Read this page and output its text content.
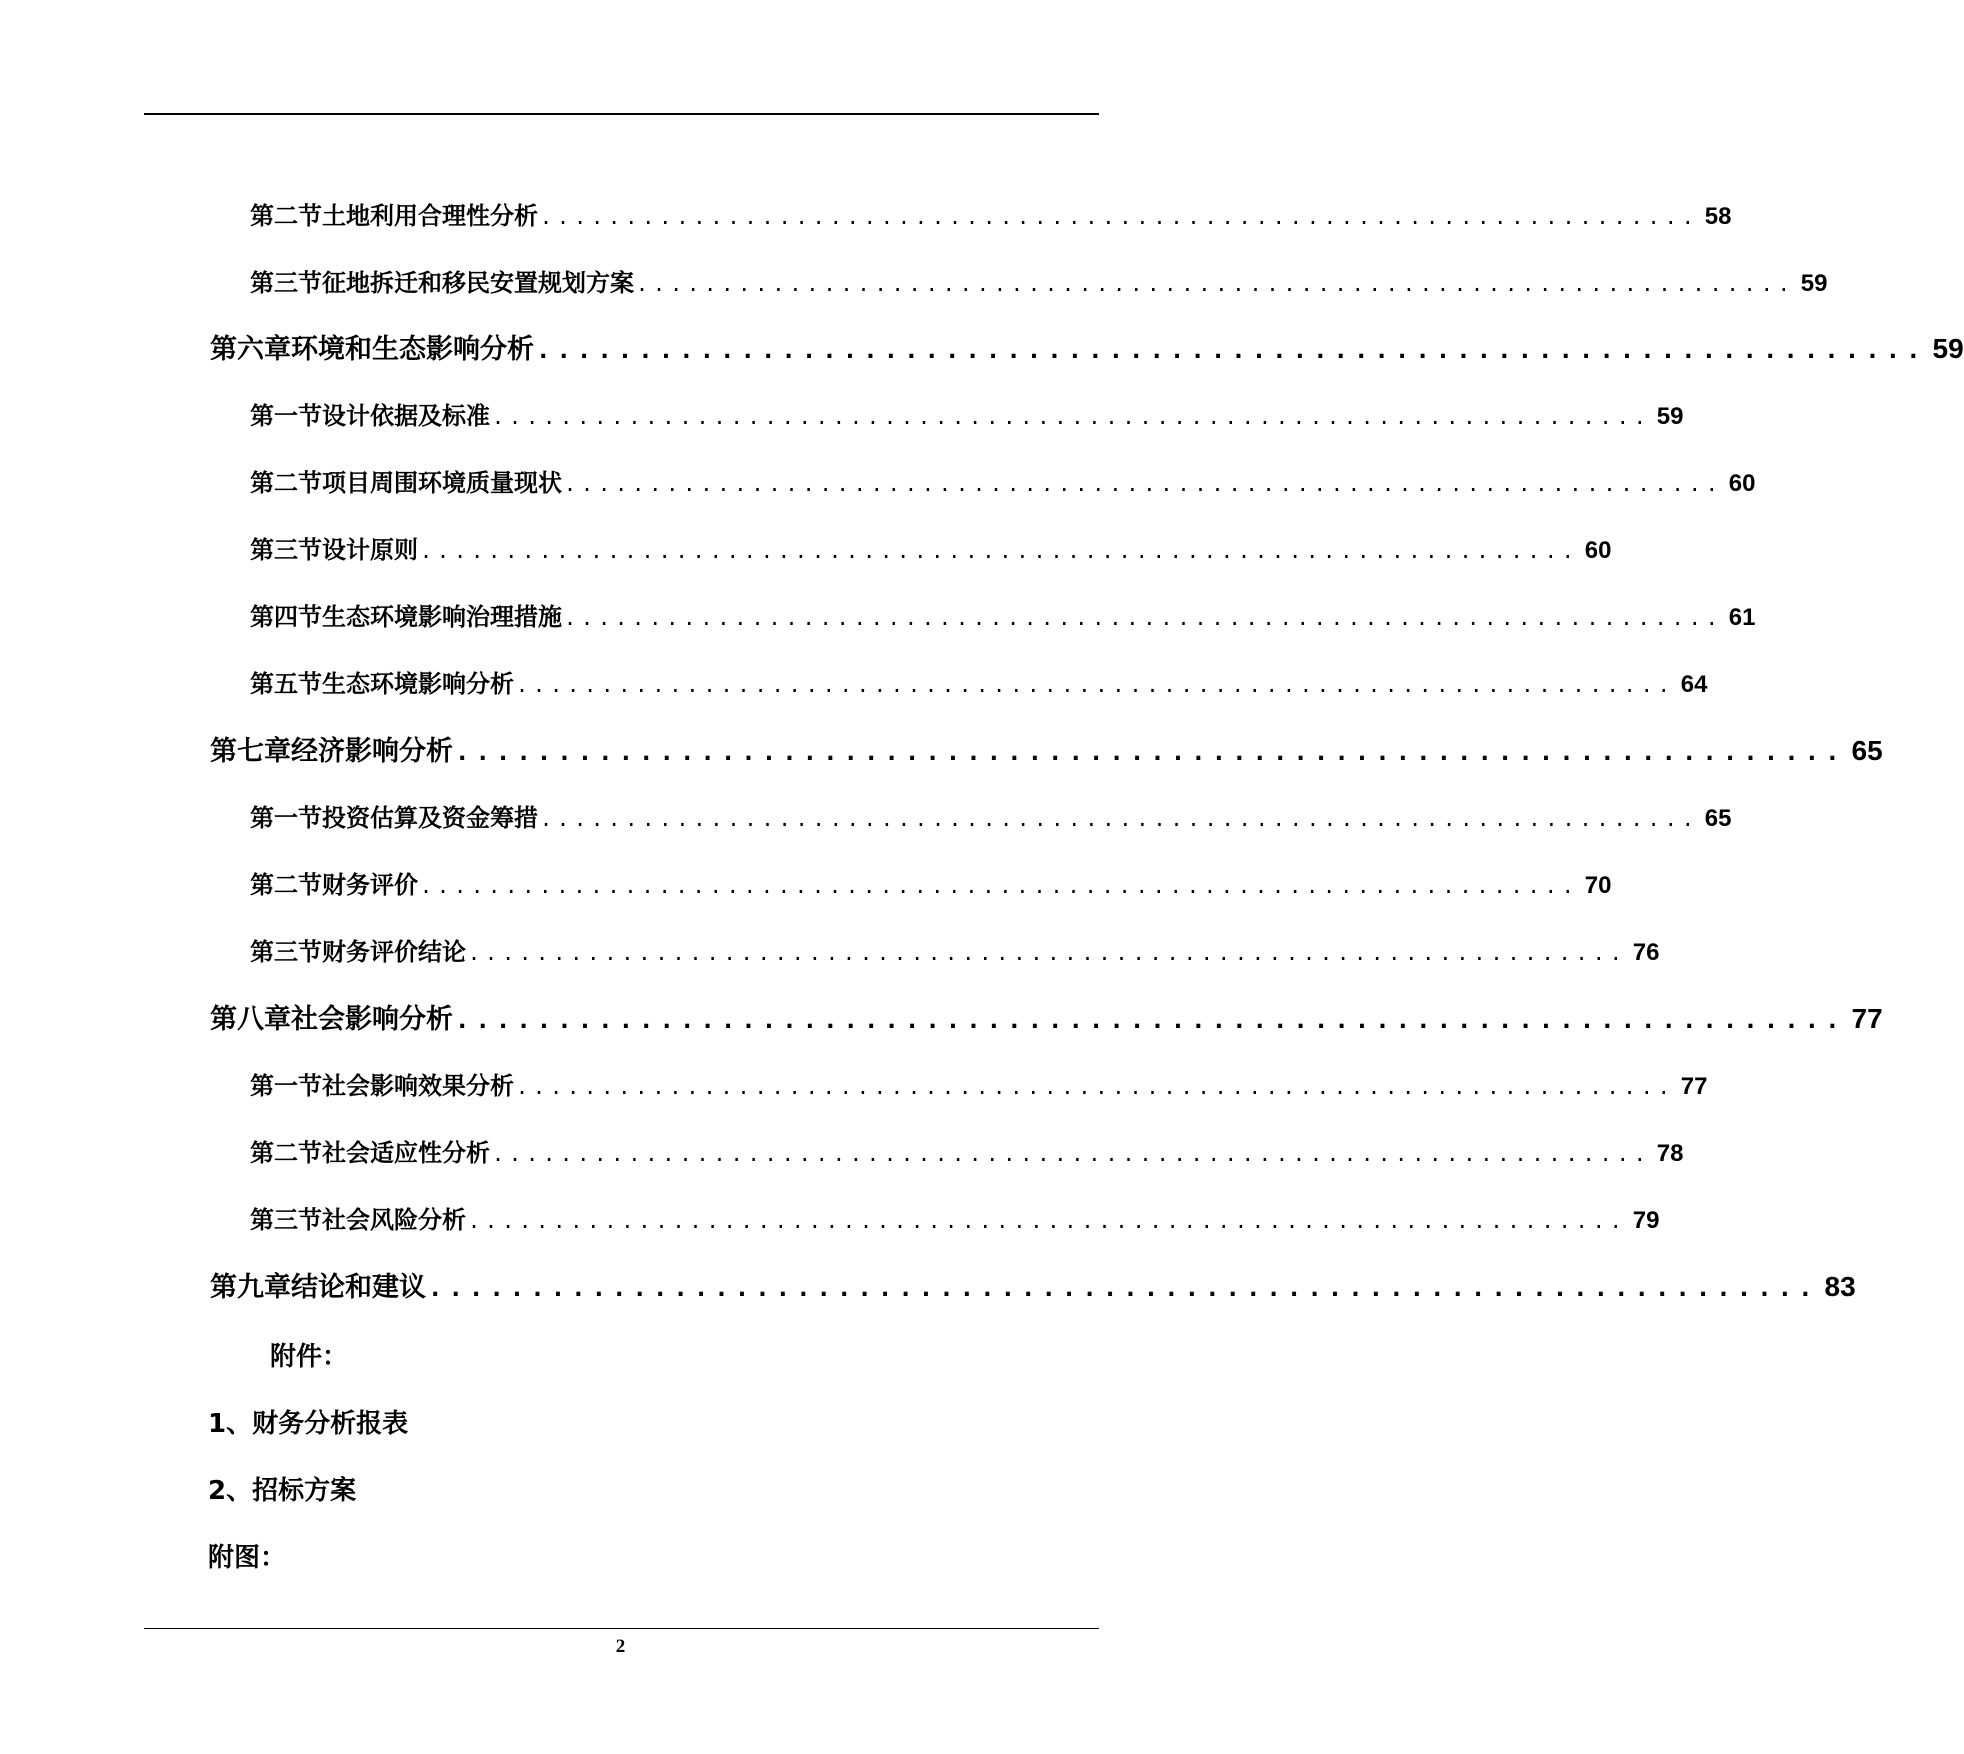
第二节 土地利用合理性分析 .................................................................... 58
第三节 征地拆迁和移民安置规划方案 .................................................................... 59
第六章 环境和生态影响分析 .................................................................... 59
第一节 设计依据及标准 .................................................................... 59
第二节 项目周围环境质量现状 .................................................................... 60
第三节 设计原则 .................................................................... 60
第四节 生态环境影响治理措施 .................................................................... 61
第五节 生态环境影响分析 .................................................................... 64
第七章 经济影响分析 .................................................................... 65
第一节 投资估算及资金筹措 .................................................................... 65
第二节 财务评价 .................................................................... 70
第三节 财务评价结论 .................................................................... 76
第八章 社会影响分析 .................................................................... 77
第一节 社会影响效果分析 .................................................................... 77
第二节 社会适应性分析 .................................................................... 78
第三节 社会风险分析 .................................................................... 79
第九章 结论和建议 .................................................................... 83
附件：
1、财务分析报表
2、招标方案
附图：
2
